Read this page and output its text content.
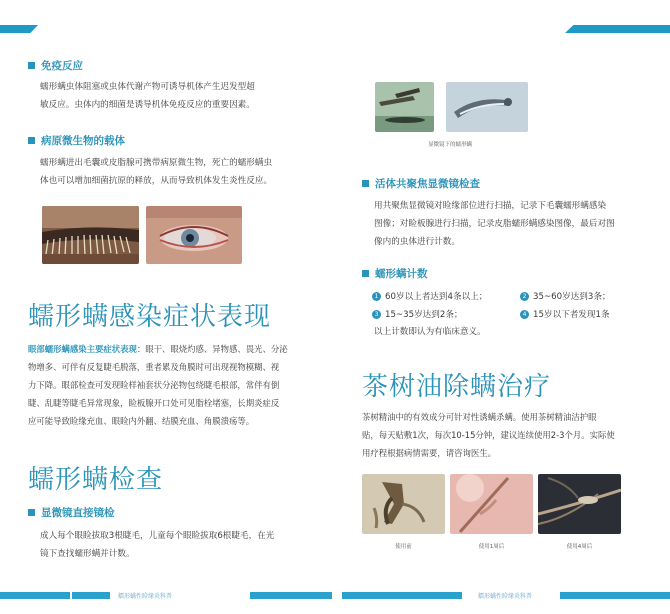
免疫反应
蠕形螨虫体阻塞或虫体代谢产物可诱导机体产生迟发型超
敏反应。虫体内的细菌是诱导机体免疫反应的重要因素。
病原微生物的载体
蠕形螨进出毛囊或皮脂腺可携带病原微生物，死亡的蠕形螨虫
体也可以增加细菌抗原的释放，从而导致机体发生炎性反应。
蠕形螨感染症状表现
眼部蠕形螨感染主要症状表现：眼干、眼烧灼感、异物感、畏光、分泌
物增多、可伴有反复睫毛脱落，重者累及角膜时可出现视物模糊、视
力下降。眼部检查可发现睑样袖套状分泌物包绕睫毛根部，常伴有倒
睫、乱睫等睫毛异常现象，睑板腺开口处可见脂栓堵塞，长期炎症反
应可能导致睑缘充血、眼睑内外翻、结膜充血、角膜溃疡等。
蠕形螨检查
显微镜直接镜检
成人每个眼睑拔取3根睫毛，儿童每个眼睑拔取6根睫毛，在光
镜下查找蠕形螨并计数。
显微镜下的蠕形螨
活体共聚焦显微镜检查
用共聚焦显微镜对睑缘部位进行扫描，记录下毛囊蠕形螨感染
图像；对睑板腺进行扫描，记录皮脂蠕形螨感染图像，最后对图
像内的虫体进行计数。
蠕形螨计数
1 60岁以上者达到4条以上；	2 35~60岁达到3条；
3 15~35岁达到2条；	4 15岁以下者发现1条
以上计数即认为有临床意义。
茶树油除螨治疗
茶树精油中的有效成分可针对性诱螨杀螨。使用茶树精油洁护眼
贴，每天贴敷1次，每次10-15分钟，建议连续使用2-3个月。实际使
用疗程根据病情需要，请咨询医生。
使用前	使用1周后	使用4周后
蠕形螨性睑缘炎科普	蠕形螨性睑缘炎科普
